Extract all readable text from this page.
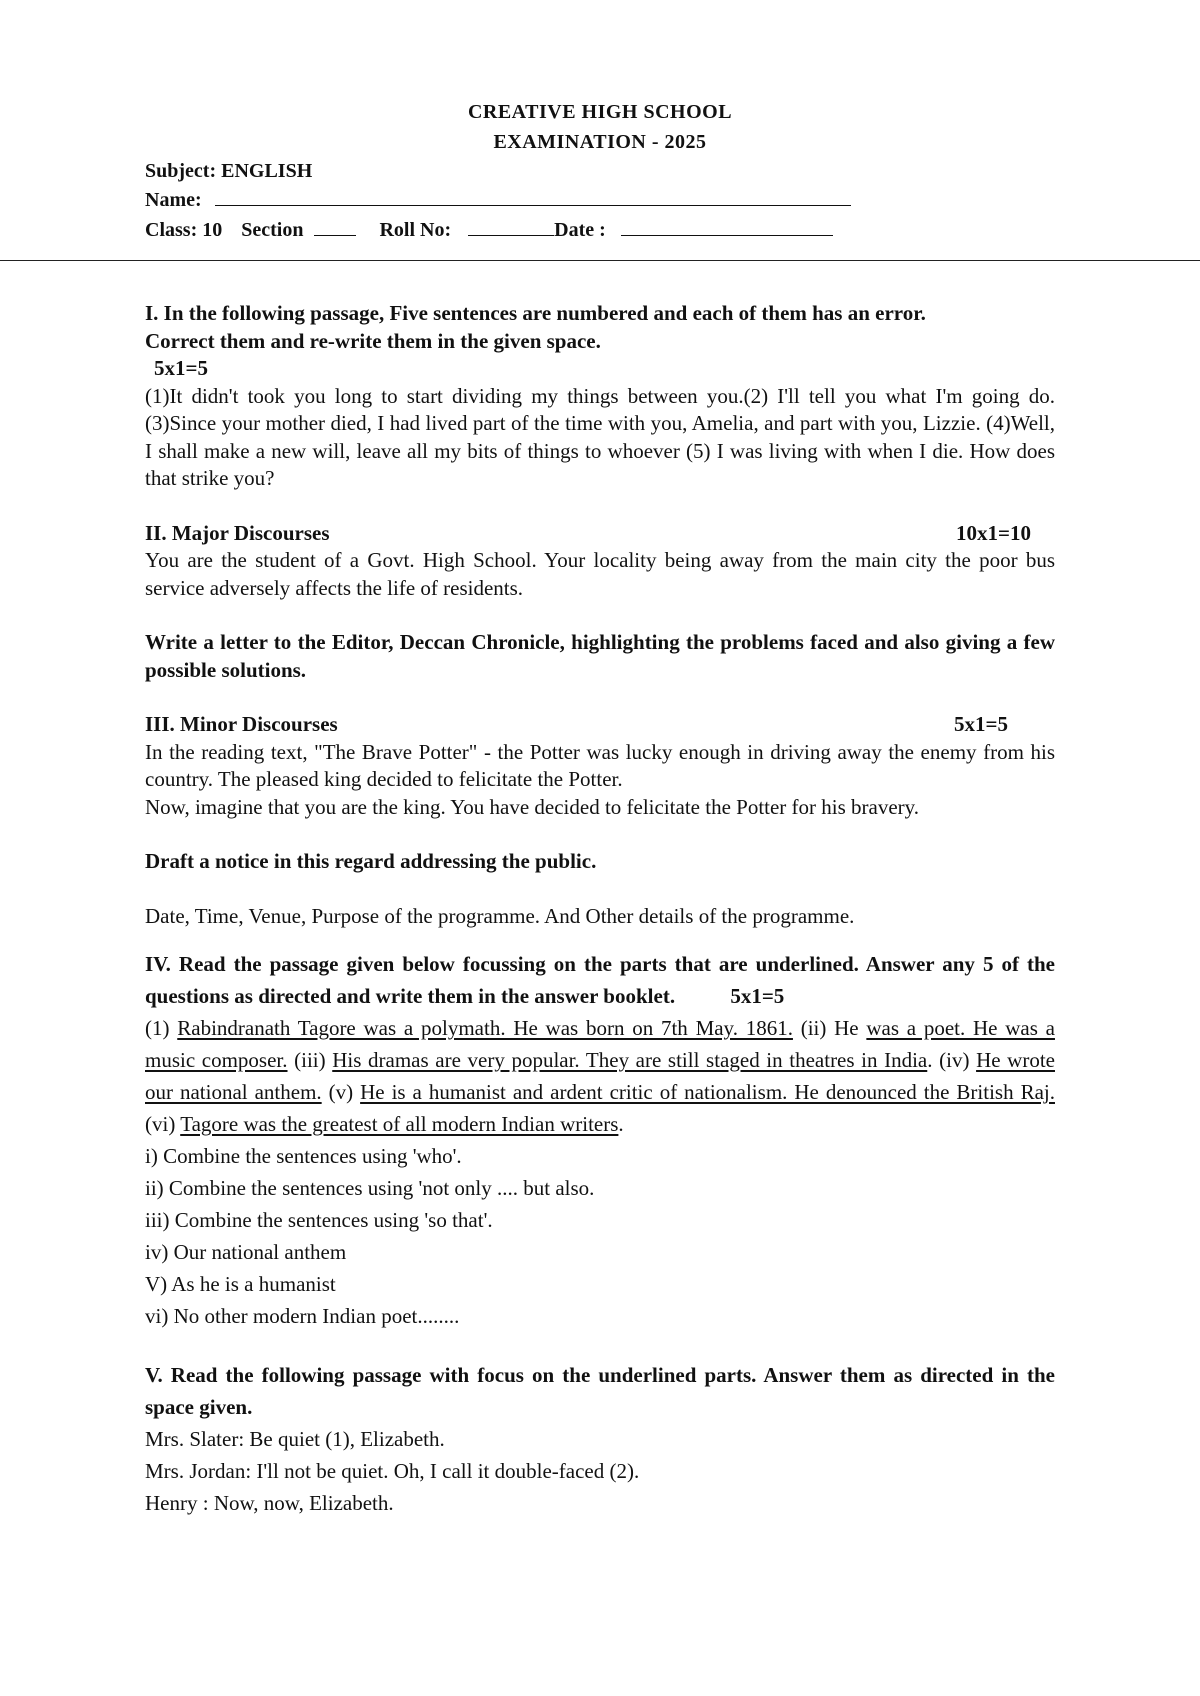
CREATIVE HIGH SCHOOL
EXAMINATION - 2025
Subject: ENGLISH
Name:
Class: 10 Section	Roll No:	Date :

I. In the following passage, Five sentences are numbered and each of them has an error.

Correct them and re-write them in the given space.

5x1=5

(1)It didn't took you long to start dividing my things between you.(2) I'll tell you what I'm going do. (3)Since your mother died, I had lived part of the time with you, Amelia, and part with you, Lizzie. (4)Well, I shall make a new will, leave all my bits of things to whoever (5) I was living with when I die. How does that strike you?

II. Major Discourses	10x1=10

You are the student of a Govt. High School. Your locality being away from the main city the poor bus service adversely affects the life of residents.

Write a letter to the Editor, Deccan Chronicle, highlighting the problems faced and also giving a few possible solutions.

III. Minor Discourses	5x1=5

In the reading text, "The Brave Potter" - the Potter was lucky enough in driving away the enemy from his country. The pleased king decided to felicitate the Potter.

Now, imagine that you are the king. You have decided to felicitate the Potter for his bravery.

Draft a notice in this regard addressing the public.

Date, Time, Venue, Purpose of the programme. And Other details of the programme.

IV. Read the passage given below focussing on the parts that are underlined. Answer any 5 of the questions as directed and write them in the answer booklet.	5x1=5

(1) Rabindranath Tagore was a polymath. He was born on 7th May. 1861. (ii) He was a poet. He was a music composer. (iii) His dramas are very popular. They are still staged in theatres in India. (iv) He wrote our national anthem. (v) He is a humanist and ardent critic of nationalism. He denounced the British Raj. (vi) Tagore was the greatest of all modern Indian writers.

i) Combine the sentences using 'who'.

ii) Combine the sentences using 'not only .... but also.

iii) Combine the sentences using 'so that'.

iv) Our national anthem

V) As he is a humanist

vi) No other modern Indian poet........

V. Read the following passage with focus on the underlined parts. Answer them as directed in the space given.

Mrs. Slater: Be quiet (1), Elizabeth.

Mrs. Jordan: I'll not be quiet. Oh, I call it double-faced (2).

Henry : Now, now, Elizabeth.
